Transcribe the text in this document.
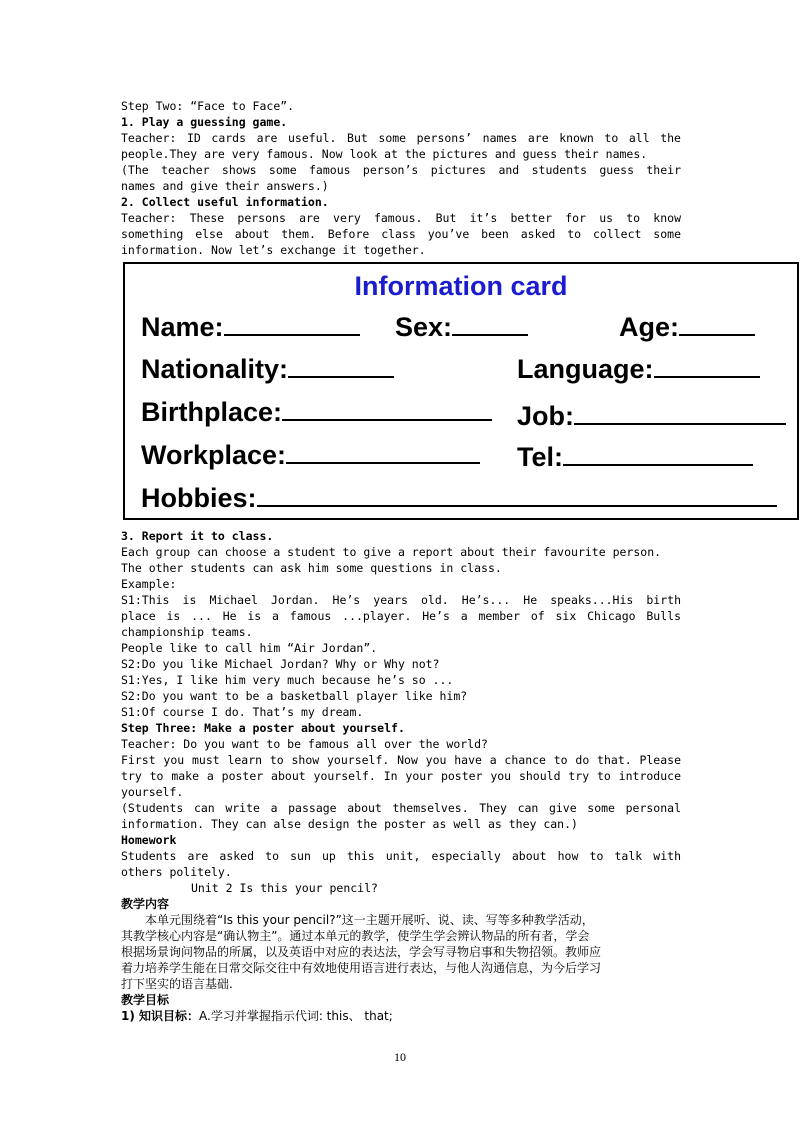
Step Two: “Face to Face”.
1. Play a guessing game.
Teacher: ID cards are useful. But some persons’ names are known to all the
people.They are very famous. Now look at the pictures and guess their names.
(The teacher shows some famous person’s pictures and students guess their
names and give their answers.)
2. Collect useful information.
Teacher: These persons are very famous. But it’s better for us to know
something else about them. Before class you’ve been asked to collect some
information. Now let’s exchange it together.
Information card
Name:	Sex:	Age:
Nationality:	Language:
Birthplace:	Job:
Workplace:	Tel:
Hobbies:
3. Report it to class.
Each group can choose a student to give a report about their favourite person.
The other students can ask him some questions in class.
Example:
S1:This is Michael Jordan. He’s years old. He’s... He speaks...His birth
place is ... He is a famous ...player. He’s a member of six Chicago Bulls
championship teams.
People like to call him “Air Jordan”.
S2:Do you like Michael Jordan? Why or Why not?
S1:Yes, I like him very much because he’s so ...
S2:Do you want to be a basketball player like him?
S1:Of course I do. That’s my dream.
Step Three: Make a poster about yourself.
Teacher: Do you want to be famous all over the world?
First you must learn to show yourself. Now you have a chance to do that. Please
try to make a poster about yourself. In your poster you should try to introduce
yourself.
(Students can write a passage about themselves. They can give some personal
information. They can alse design the poster as well as they can.)
Homework
Students are asked to sun up this unit, especially about how to talk with
others politely.
Unit 2 Is this your pencil?
教学内容
　　本单元围绕着“Is this your pencil?”这一主题开展听、说、读、写等多种教学活动，
其教学核心内容是“确认物主”。通过本单元的教学，使学生学会辨认物品的所有者，学会
根据场景询问物品的所属，以及英语中对应的表达法，学会写寻物启事和失物招领。教师应
着力培养学生能在日常交际交往中有效地使用语言进行表达，与他人沟通信息，为今后学习
打下坚实的语言基础.
教学目标
1) 知识目标：A.学习并掌握指示代词: this、 that;
10
